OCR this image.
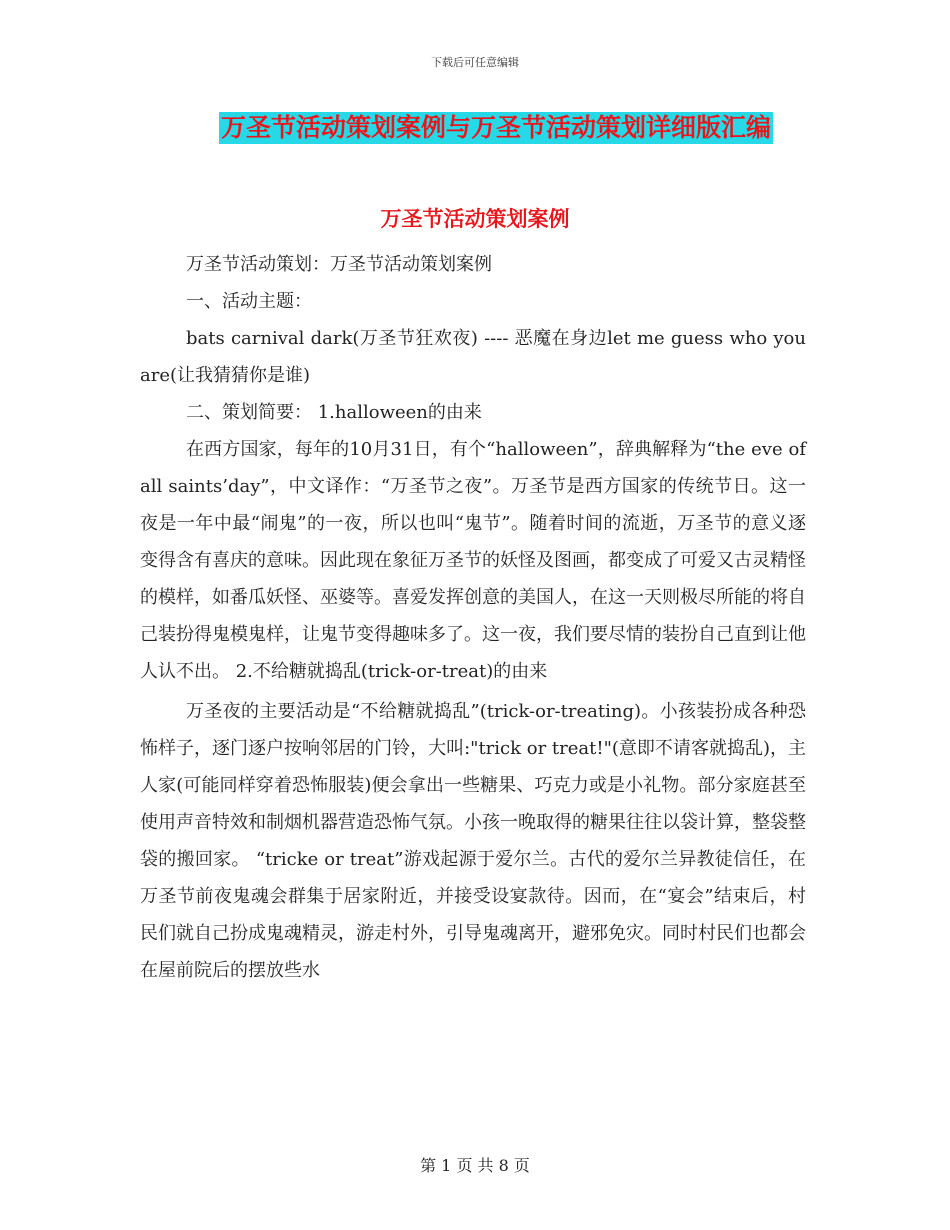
下载后可任意编辑
万圣节活动策划案例与万圣节活动策划详细版汇编
万圣节活动策划案例

万圣节活动策划：万圣节活动策划案例

一、活动主题：

bats carnival dark(万圣节狂欢夜) ---- 恶魔在身边let me guess who you are(让我猜猜你是谁)

二、策划简要： 1.halloween的由来

在西方国家，每年的10月31日，有个“halloween”，辞典解释为“the eve of all saints’day”，中文译作：“万圣节之夜”。万圣节是西方国家的传统节日。这一夜是一年中最“闹鬼”的一夜，所以也叫“鬼节”。随着时间的流逝，万圣节的意义逐变得含有喜庆的意味。因此现在象征万圣节的妖怪及图画，都变成了可爱又古灵精怪的模样，如番瓜妖怪、巫婆等。喜爱发挥创意的美国人，在这一天则极尽所能的将自己装扮得鬼模鬼样，让鬼节变得趣味多了。这一夜，我们要尽情的装扮自己直到让他人认不出。 2.不给糖就捣乱(trick-or-treat)的由来

万圣夜的主要活动是“不给糖就捣乱”(trick-or-treating)。小孩装扮成各种恐怖样子，逐门逐户按响邻居的门铃，大叫:"trick or treat!"(意即不请客就捣乱)，主人家(可能同样穿着恐怖服装)便会拿出一些糖果、巧克力或是小礼物。部分家庭甚至使用声音特效和制烟机器营造恐怖气氛。小孩一晚取得的糖果往往以袋计算，整袋整袋的搬回家。 “tricke or treat”游戏起源于爱尔兰。古代的爱尔兰异教徒信任，在万圣节前夜鬼魂会群集于居家附近，并接受设宴款待。因而，在“宴会”结束后，村民们就自己扮成鬼魂精灵，游走村外，引导鬼魂离开，避邪免灾。同时村民们也都会在屋前院后的摆放些水

第 1 页 共 8 页
